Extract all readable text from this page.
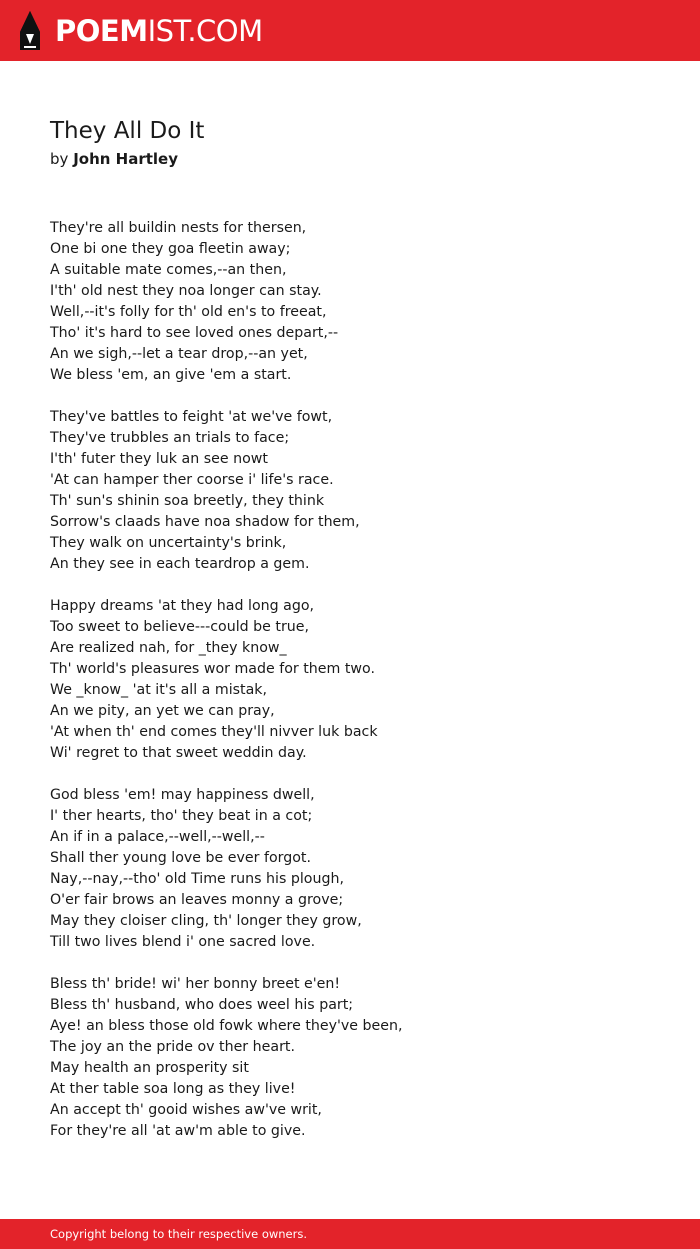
POEMIST.COM
They All Do It
by John Hartley
They're all buildin nests for thersen,
One bi one they goa fleetin away;
A suitable mate comes,--an then,
I'th' old nest they noa longer can stay.
Well,--it's folly for th' old en's to freeat,
Tho' it's hard to see loved ones depart,--
An we sigh,--let a tear drop,--an yet,
We bless 'em, an give 'em a start.
They've battles to feight 'at we've fowt,
They've trubbles an trials to face;
I'th' futer they luk an see nowt
'At can hamper ther coorse i' life's race.
Th' sun's shinin soa breetly, they think
Sorrow's claads have noa shadow for them,
They walk on uncertainty's brink,
An they see in each teardrop a gem.
Happy dreams 'at they had long ago,
Too sweet to believe---could be true,
Are realized nah, for _they know_
Th' world's pleasures wor made for them two.
We _know_ 'at it's all a mistak,
An we pity, an yet we can pray,
'At when th' end comes they'll nivver luk back
Wi' regret to that sweet weddin day.
God bless 'em! may happiness dwell,
I' ther hearts, tho' they beat in a cot;
An if in a palace,--well,--well,--
Shall ther young love be ever forgot.
Nay,--nay,--tho' old Time runs his plough,
O'er fair brows an leaves monny a grove;
May they cloiser cling, th' longer they grow,
Till two lives blend i' one sacred love.
Bless th' bride! wi' her bonny breet e'en!
Bless th' husband, who does weel his part;
Aye! an bless those old fowk where they've been,
The joy an the pride ov ther heart.
May health an prosperity sit
At ther table soa long as they live!
An accept th' gooid wishes aw've writ,
For they're all 'at aw'm able to give.
Copyright belong to their respective owners.
